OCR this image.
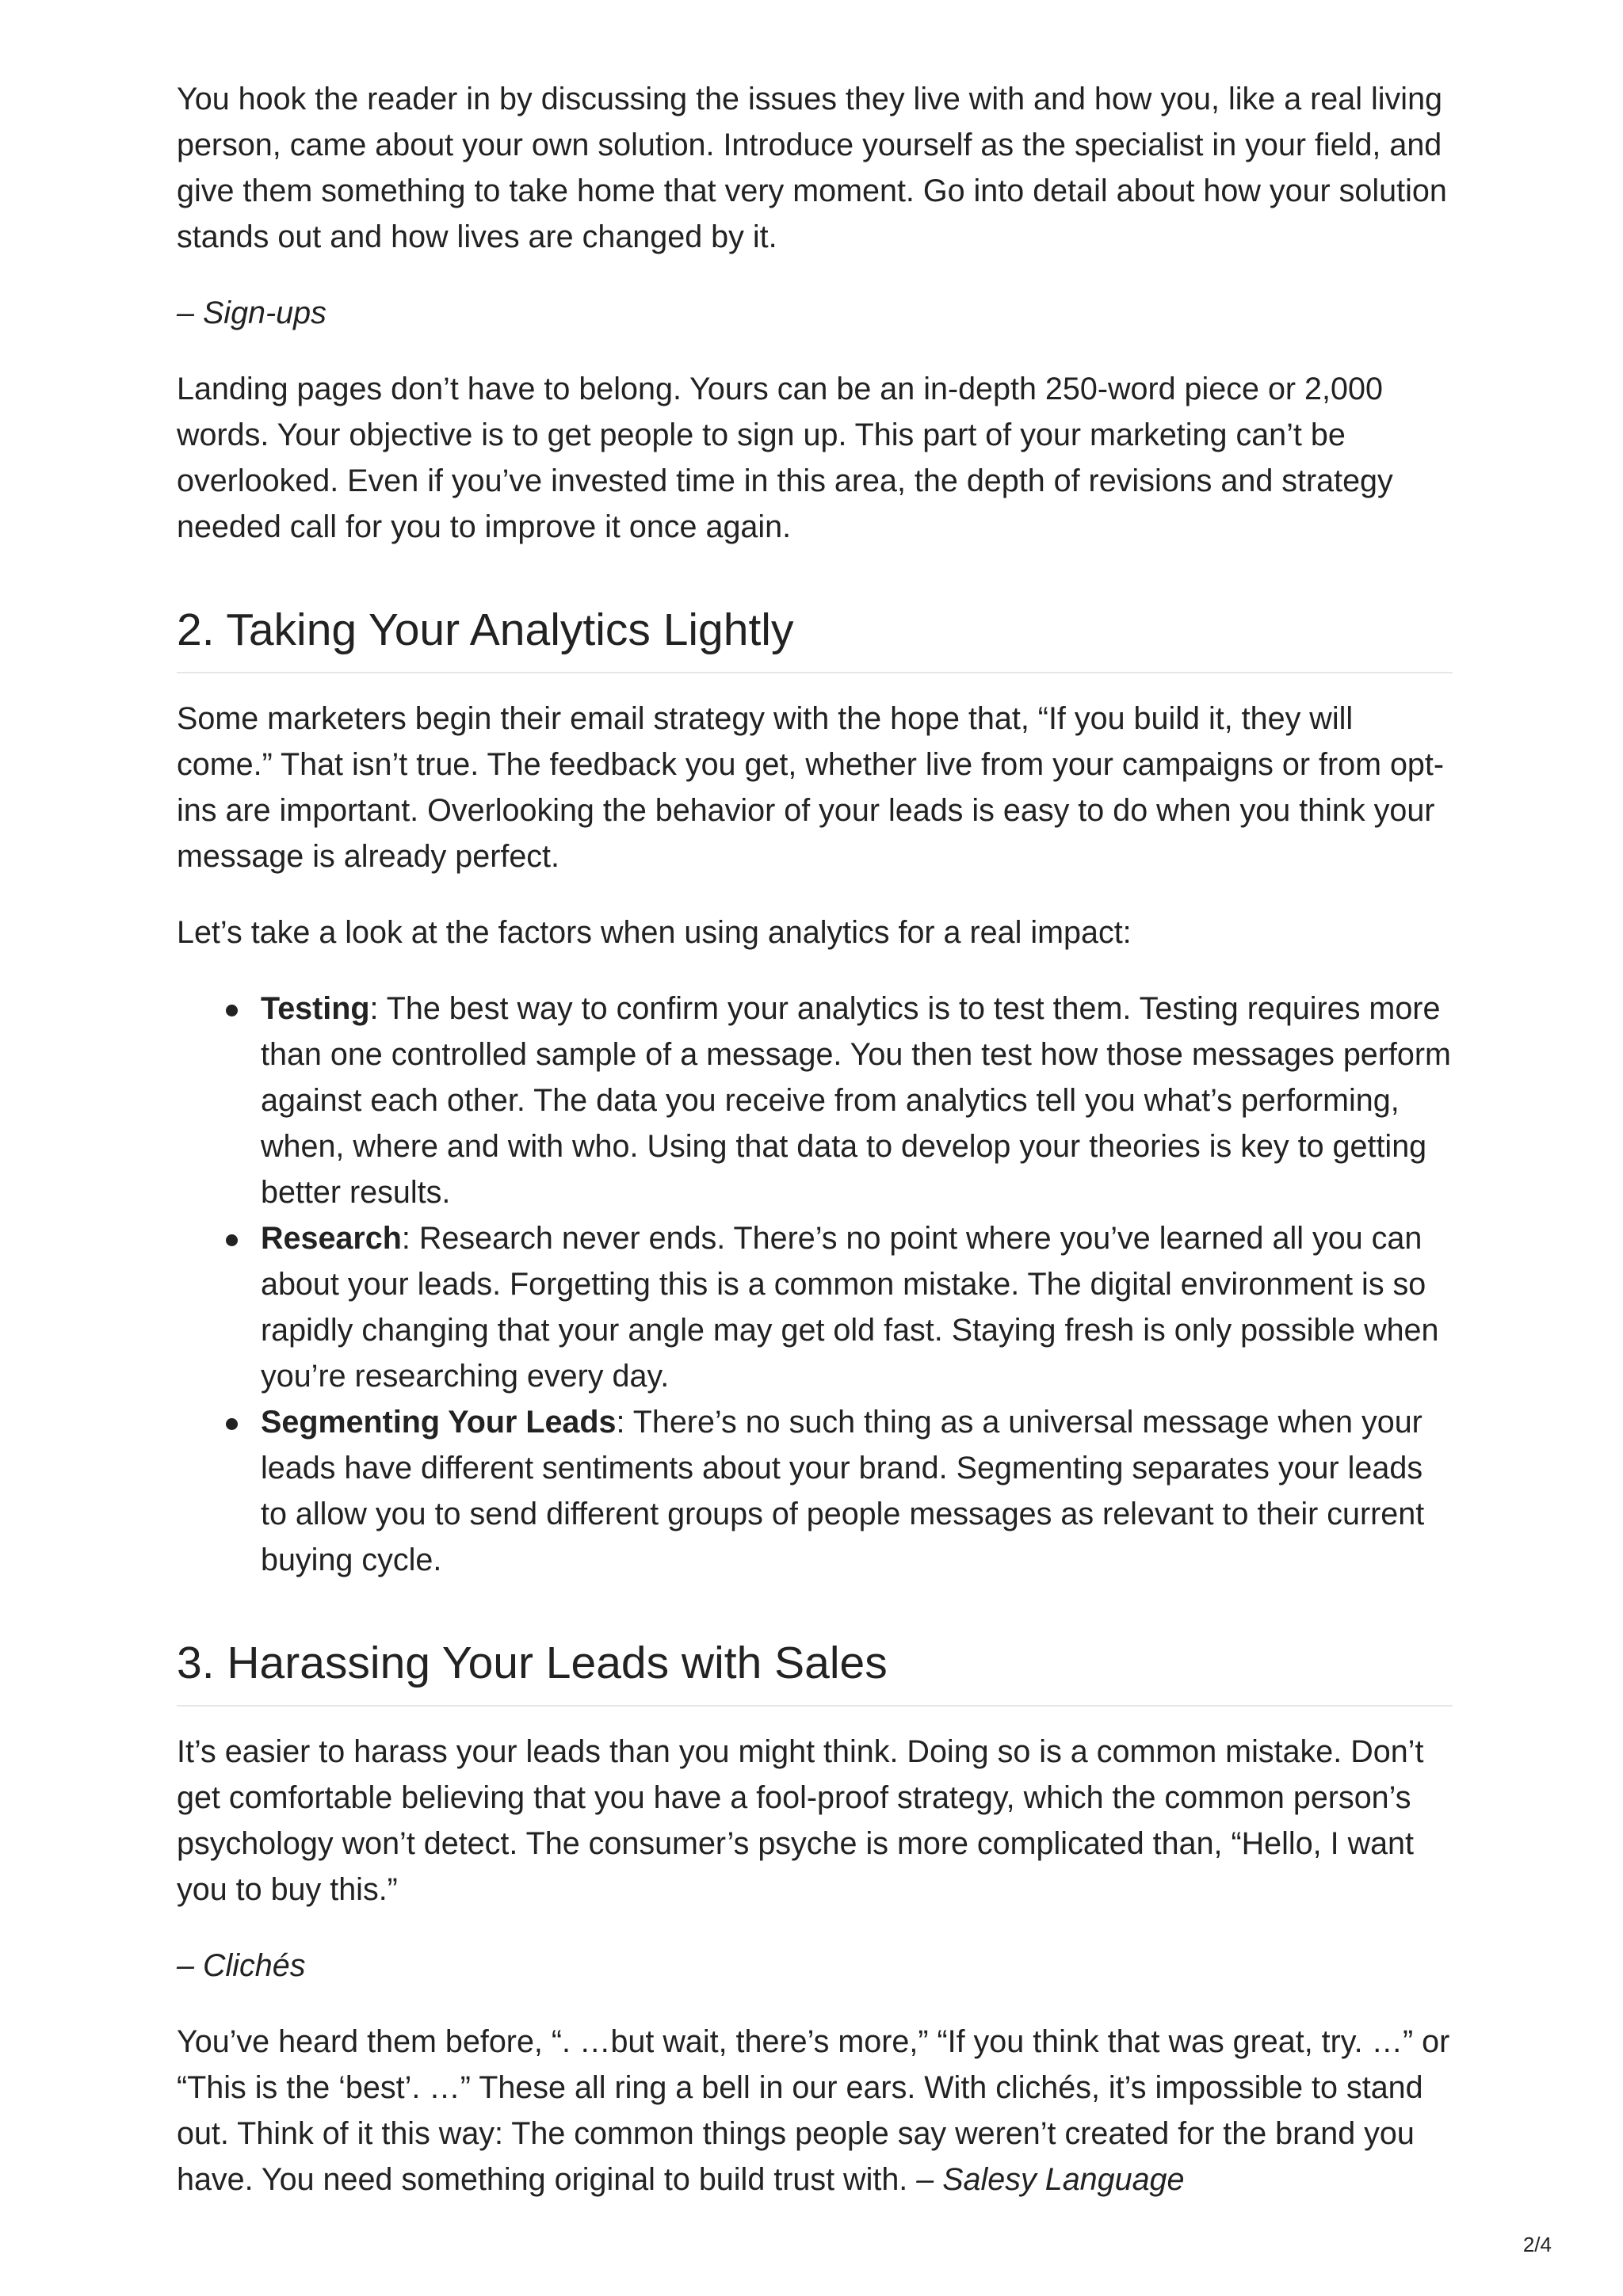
You hook the reader in by discussing the issues they live with and how you, like a real living person, came about your own solution. Introduce yourself as the specialist in your field, and give them something to take home that very moment. Go into detail about how your solution stands out and how lives are changed by it.

– Sign-ups

Landing pages don’t have to belong. Yours can be an in-depth 250-word piece or 2,000 words. Your objective is to get people to sign up. This part of your marketing can’t be overlooked. Even if you’ve invested time in this area, the depth of revisions and strategy needed call for you to improve it once again.

2. Taking Your Analytics Lightly

Some marketers begin their email strategy with the hope that, “If you build it, they will come.” That isn’t true. The feedback you get, whether live from your campaigns or from opt-ins are important. Overlooking the behavior of your leads is easy to do when you think your message is already perfect.

Let’s take a look at the factors when using analytics for a real impact:

Testing: The best way to confirm your analytics is to test them. Testing requires more than one controlled sample of a message. You then test how those messages perform against each other. The data you receive from analytics tell you what’s performing, when, where and with who. Using that data to develop your theories is key to getting better results.
Research: Research never ends. There’s no point where you’ve learned all you can about your leads. Forgetting this is a common mistake. The digital environment is so rapidly changing that your angle may get old fast. Staying fresh is only possible when you’re researching every day.
Segmenting Your Leads: There’s no such thing as a universal message when your leads have different sentiments about your brand. Segmenting separates your leads to allow you to send different groups of people messages as relevant to their current buying cycle.
3. Harassing Your Leads with Sales

It’s easier to harass your leads than you might think. Doing so is a common mistake. Don’t get comfortable believing that you have a fool-proof strategy, which the common person’s psychology won’t detect. The consumer’s psyche is more complicated than, “Hello, I want you to buy this.”

– Clichés

You’ve heard them before, “. …but wait, there’s more,” “If you think that was great, try. …” or “This is the ‘best’. …” These all ring a bell in our ears. With clichés, it’s impossible to stand out. Think of it this way: The common things people say weren’t created for the brand you have. You need something original to build trust with. – Salesy Language

2/4
